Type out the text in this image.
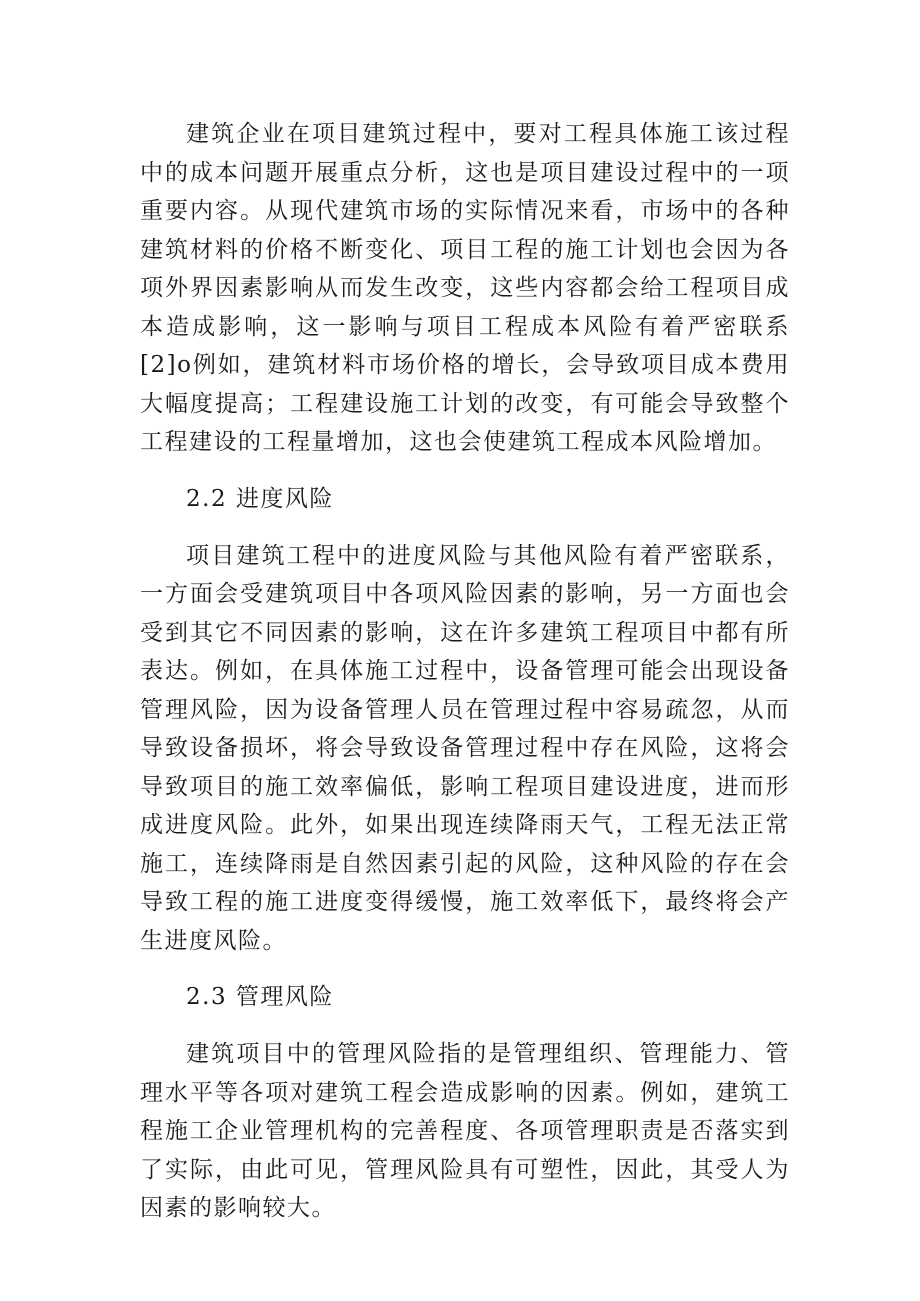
建筑企业在项目建筑过程中，要对工程具体施工该过程中的成本问题开展重点分析，这也是项目建设过程中的一项重要内容。从现代建筑市场的实际情况来看，市场中的各种建筑材料的价格不断变化、项目工程的施工计划也会因为各项外界因素影响从而发生改变，这些内容都会给工程项目成本造成影响，这一影响与项目工程成本风险有着严密联系[2]o例如，建筑材料市场价格的增长，会导致项目成本费用大幅度提高；工程建设施工计划的改变，有可能会导致整个工程建设的工程量增加，这也会使建筑工程成本风险增加。

2.2 进度风险

项目建筑工程中的进度风险与其他风险有着严密联系，一方面会受建筑项目中各项风险因素的影响，另一方面也会受到其它不同因素的影响，这在许多建筑工程项目中都有所表达。例如，在具体施工过程中，设备管理可能会出现设备管理风险，因为设备管理人员在管理过程中容易疏忽，从而导致设备损坏，将会导致设备管理过程中存在风险，这将会导致项目的施工效率偏低，影响工程项目建设进度，进而形成进度风险。此外，如果出现连续降雨天气，工程无法正常施工，连续降雨是自然因素引起的风险，这种风险的存在会导致工程的施工进度变得缓慢，施工效率低下，最终将会产生进度风险。

2.3 管理风险

建筑项目中的管理风险指的是管理组织、管理能力、管理水平等各项对建筑工程会造成影响的因素。例如，建筑工程施工企业管理机构的完善程度、各项管理职责是否落实到了实际，由此可见，管理风险具有可塑性，因此，其受人为因素的影响较大。
